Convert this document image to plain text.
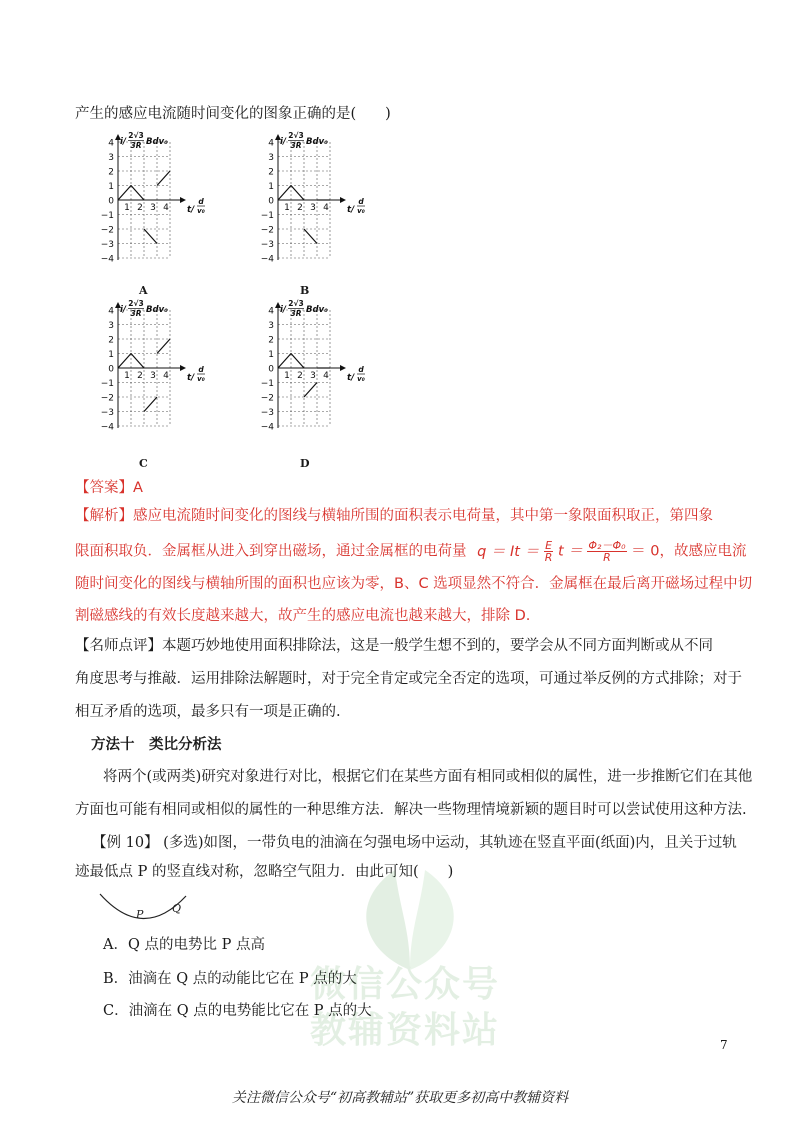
产生的感应电流随时间变化的图象正确的是(　　)
4
3
2
1
0
−1
−2
−3
−4
1 2 3 4
i/
2√3
3R Bdv₀
t/
d
v₀
A
4
3
2
1
0
−1
−2
−3
−4
1 2 3 4
i/
2√3
3R Bdv₀
t/
d
v₀
B
4
3
2
1
0
−1
−2
−3
−4
1 2 3 4
i/
2√3
3R Bdv₀
t/
d
v₀
C
4
3
2
1
0
−1
−2
−3
−4
1 2 3 4
i/
2√3
3R Bdv₀
t/
d
v₀
D
【答案】A
【解析】感应电流随时间变化的图线与横轴所围的面积表示电荷量，其中第一象限面积取正，第四象
限面积取负．金属框从进入到穿出磁场，通过金属框的电荷量 $q = It = \frac{E}{R}$ $t = \frac{\text{Φ₂－Φ₀}}{R} = 0$，故感应电流
随时间变化的图线与横轴所围的面积也应该为零，B、C 选项显然不符合．金属框在最后离开磁场过程中切
割磁感线的有效长度越来越大，故产生的感应电流也越来越大，排除 D.
【名师点评】本题巧妙地使用面积排除法，这是一般学生想不到的，要学会从不同方面判断或从不同
角度思考与推敲．运用排除法解题时，对于完全肯定或完全否定的选项，可通过举反例的方式排除；对于
相互矛盾的选项，最多只有一项是正确的.
方法十　类比分析法
将两个(或两类)研究对象进行对比，根据它们在某些方面有相同或相似的属性，进一步推断它们在其他
方面也可能有相同或相似的属性的一种思维方法．解决一些物理情境新颖的题目时可以尝试使用这种方法.
【例 10】 (多选)如图，一带负电的油滴在匀强电场中运动，其轨迹在竖直平面(纸面)内，且关于过轨
迹最低点 P 的竖直线对称，忽略空气阻力．由此可知(　　)
P	Q
A．Q 点的电势比 P 点高
B．油滴在 Q 点的动能比它在 P 点的大
C．油滴在 Q 点的电势能比它在 P 点的大
微信公众号
教辅资料站	7
关注微信公众号“初高教辅站”获取更多初高中教辅资料
